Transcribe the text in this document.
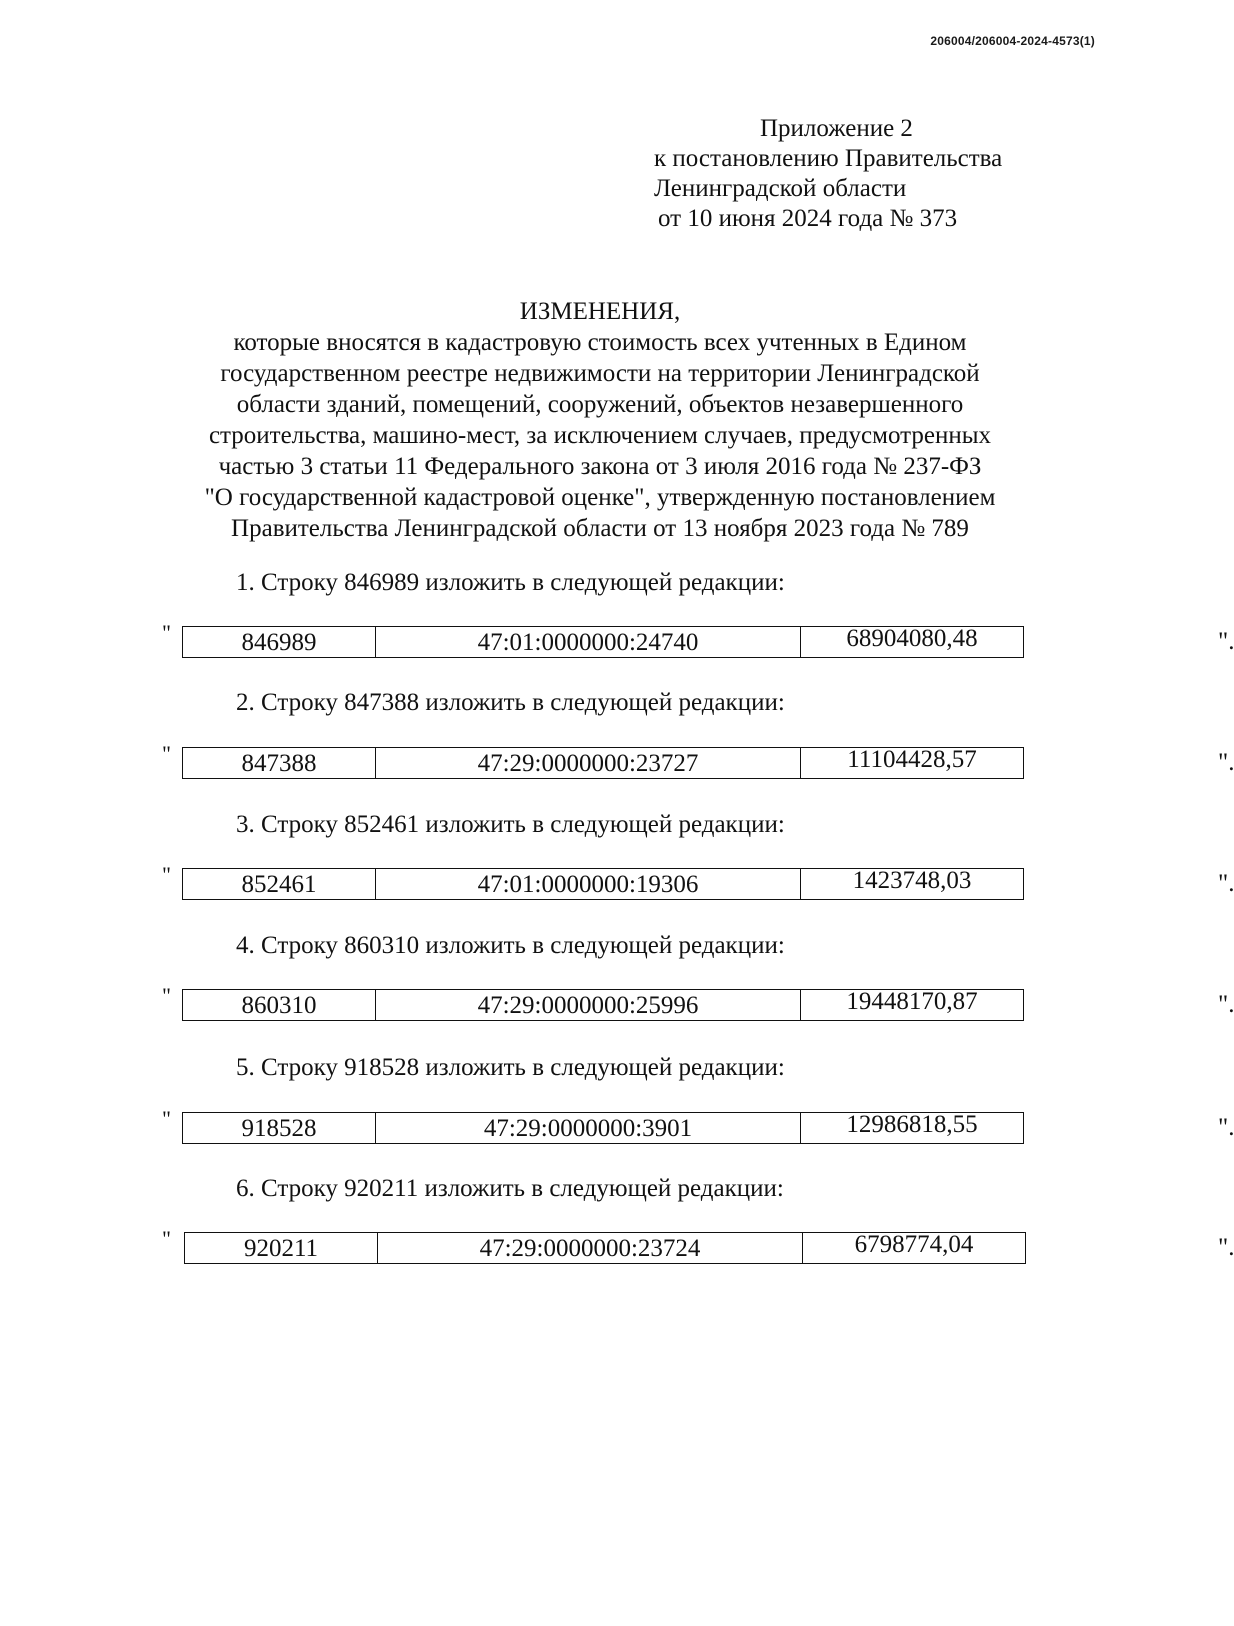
206004/206004-2024-4573(1)
Приложение 2
к постановлению Правительства
Ленинградской области
от 10 июня 2024 года № 373
ИЗМЕНЕНИЯ,
которые вносятся в кадастровую стоимость всех учтенных в Едином
государственном реестре недвижимости на территории Ленинградской
области зданий, помещений, сооружений, объектов незавершенного
строительства, машино-мест, за исключением случаев, предусмотренных
частью 3 статьи 11 Федерального закона от 3 июля 2016 года № 237-ФЗ
"О государственной кадастровой оценке", утвержденную постановлением
Правительства Ленинградской области от 13 ноября 2023 года № 789
1. Строку 846989 изложить в следующей редакции:
"	846989	47:01:0000000:24740	68904080,48	".
2. Строку 847388 изложить в следующей редакции:
"	847388	47:29:0000000:23727	11104428,57	".
3. Строку 852461 изложить в следующей редакции:
"	852461	47:01:0000000:19306	1423748,03	".
4. Строку 860310 изложить в следующей редакции:
"	860310	47:29:0000000:25996	19448170,87	".
5. Строку 918528 изложить в следующей редакции:
"	918528	47:29:0000000:3901	12986818,55	".
6. Строку 920211 изложить в следующей редакции:
"	920211	47:29:0000000:23724	6798774,04	".
